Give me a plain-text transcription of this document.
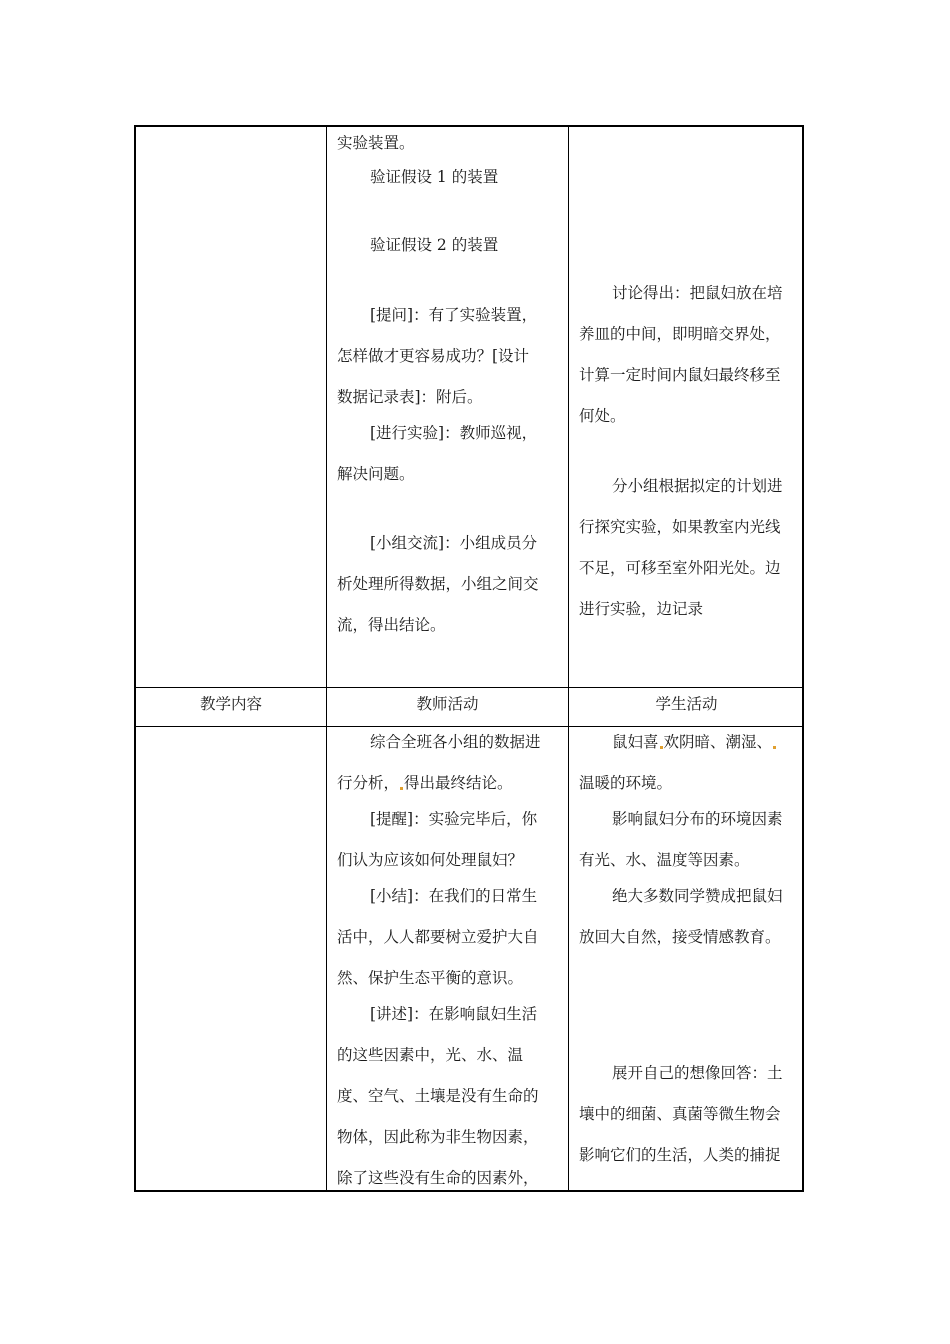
教学内容	教师活动	学生活动
实验装置。
验证假设 1 的装置
验证假设 2 的装置
[提问]：有了实验装置，
怎样做才更容易成功？[设计
数据记录表]：附后。
[进行实验]：教师巡视，
解决问题。
[小组交流]：小组成员分
析处理所得数据，小组之间交
流，得出结论。
讨论得出：把鼠妇放在培
养皿的中间，即明暗交界处，
计算一定时间内鼠妇最终移至
何处。
分小组根据拟定的计划进
行探究实验，如果教室内光线
不足，可移至室外阳光处。边
进行实验，边记录
综合全班各小组的数据进
行分析， 得出最终结论。
[提醒]：实验完毕后，你
们认为应该如何处理鼠妇？
[小结]：在我们的日常生
活中，人人都要树立爱护大自
然、保护生态平衡的意识。
[讲述]：在影响鼠妇生活
的这些因素中，光、水、温
度、空气、土壤是没有生命的
物体，因此称为非生物因素，
除了这些没有生命的因素外，
鼠妇喜 欢阴暗、潮湿、
温暖的环境。
影响鼠妇分布的环境因素
有光、水、温度等因素。
绝大多数同学赞成把鼠妇
放回大自然，接受情感教育。
展开自己的想像回答：土
壤中的细菌、真菌等微生物会
影响它们的生活，人类的捕捉
